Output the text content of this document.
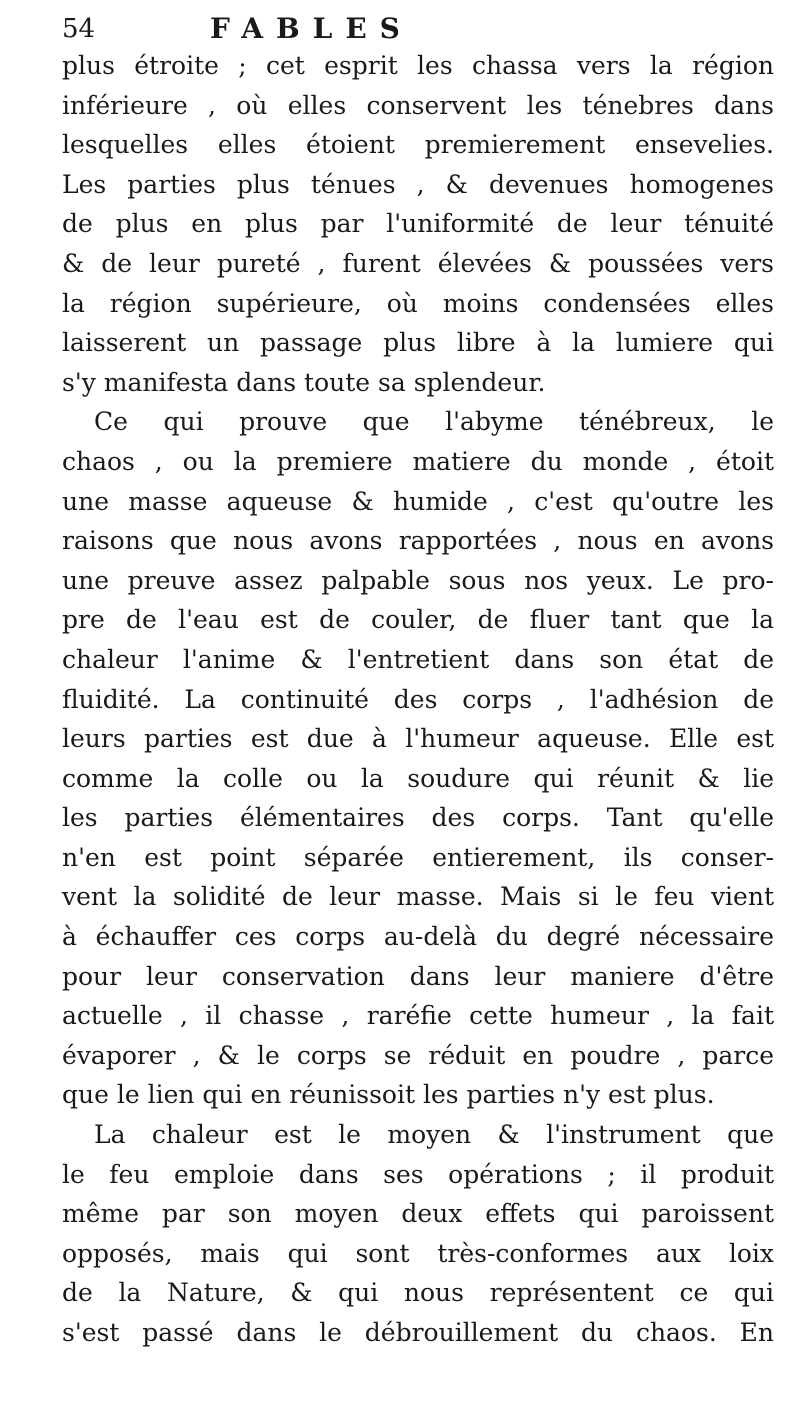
54	FABLES
plus étroite ; cet esprit les chassa vers la région
inférieure , où elles conservent les ténebres dans
lesquelles elles étoient premierement ensevelies.
Les parties plus ténues , & devenues homogenes
de plus en plus par l'uniformité de leur ténuité
& de leur pureté , furent élevées & poussées vers
la région supérieure, où moins condensées elles
laisserent un passage plus libre à la lumiere qui
s'y manifesta dans toute sa splendeur.
Ce qui prouve que l'abyme ténébreux, le
chaos , ou la premiere matiere du monde , étoit
une masse aqueuse & humide , c'est qu'outre les
raisons que nous avons rapportées , nous en avons
une preuve assez palpable sous nos yeux. Le pro-
pre de l'eau est de couler, de fluer tant que la
chaleur l'anime & l'entretient dans son état de
fluidité. La continuité des corps , l'adhésion de
leurs parties est due à l'humeur aqueuse. Elle est
comme la colle ou la soudure qui réunit & lie
les parties élémentaires des corps. Tant qu'elle
n'en est point séparée entierement, ils conser-
vent la solidité de leur masse. Mais si le feu vient
à échauffer ces corps au-delà du degré nécessaire
pour leur conservation dans leur maniere d'être
actuelle , il chasse , raréfie cette humeur , la fait
évaporer , & le corps se réduit en poudre , parce
que le lien qui en réunissoit les parties n'y est plus.
La chaleur est le moyen & l'instrument que
le feu emploie dans ses opérations ; il produit
même par son moyen deux effets qui paroissent
opposés, mais qui sont très-conformes aux loix
de la Nature, & qui nous représentent ce qui
s'est passé dans le débrouillement du chaos. En
